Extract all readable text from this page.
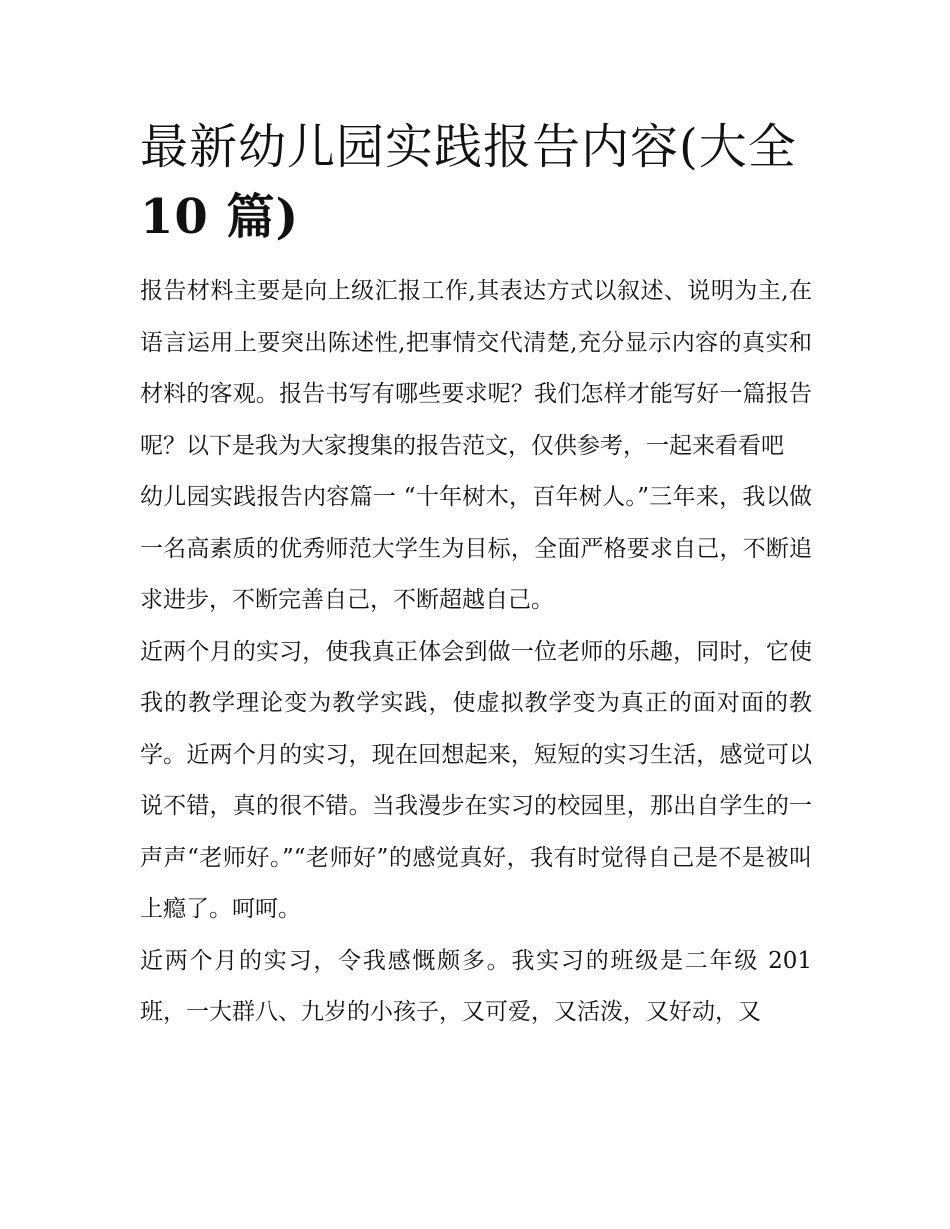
最新幼儿园实践报告内容(大全
10 篇)

报告材料主要是向上级汇报工作,其表达方式以叙述、说明为主,在语言运用上要突出陈述性,把事情交代清楚,充分显示内容的真实和材料的客观。报告书写有哪些要求呢？我们怎样才能写好一篇报告呢？以下是我为大家搜集的报告范文，仅供参考，一起来看看吧

幼儿园实践报告内容篇一 “十年树木，百年树人。”三年来，我以做一名高素质的优秀师范大学生为目标，全面严格要求自己，不断追求进步，不断完善自己，不断超越自己。

近两个月的实习，使我真正体会到做一位老师的乐趣，同时，它使我的教学理论变为教学实践，使虚拟教学变为真正的面对面的教学。近两个月的实习，现在回想起来，短短的实习生活，感觉可以说不错，真的很不错。当我漫步在实习的校园里，那出自学生的一声声“老师好。”“老师好”的感觉真好，我有时觉得自己是不是被叫上瘾了。呵呵。

近两个月的实习，令我感慨颇多。我实习的班级是二年级 201 班，一大群八、九岁的小孩子，又可爱，又活泼，又好动，又
